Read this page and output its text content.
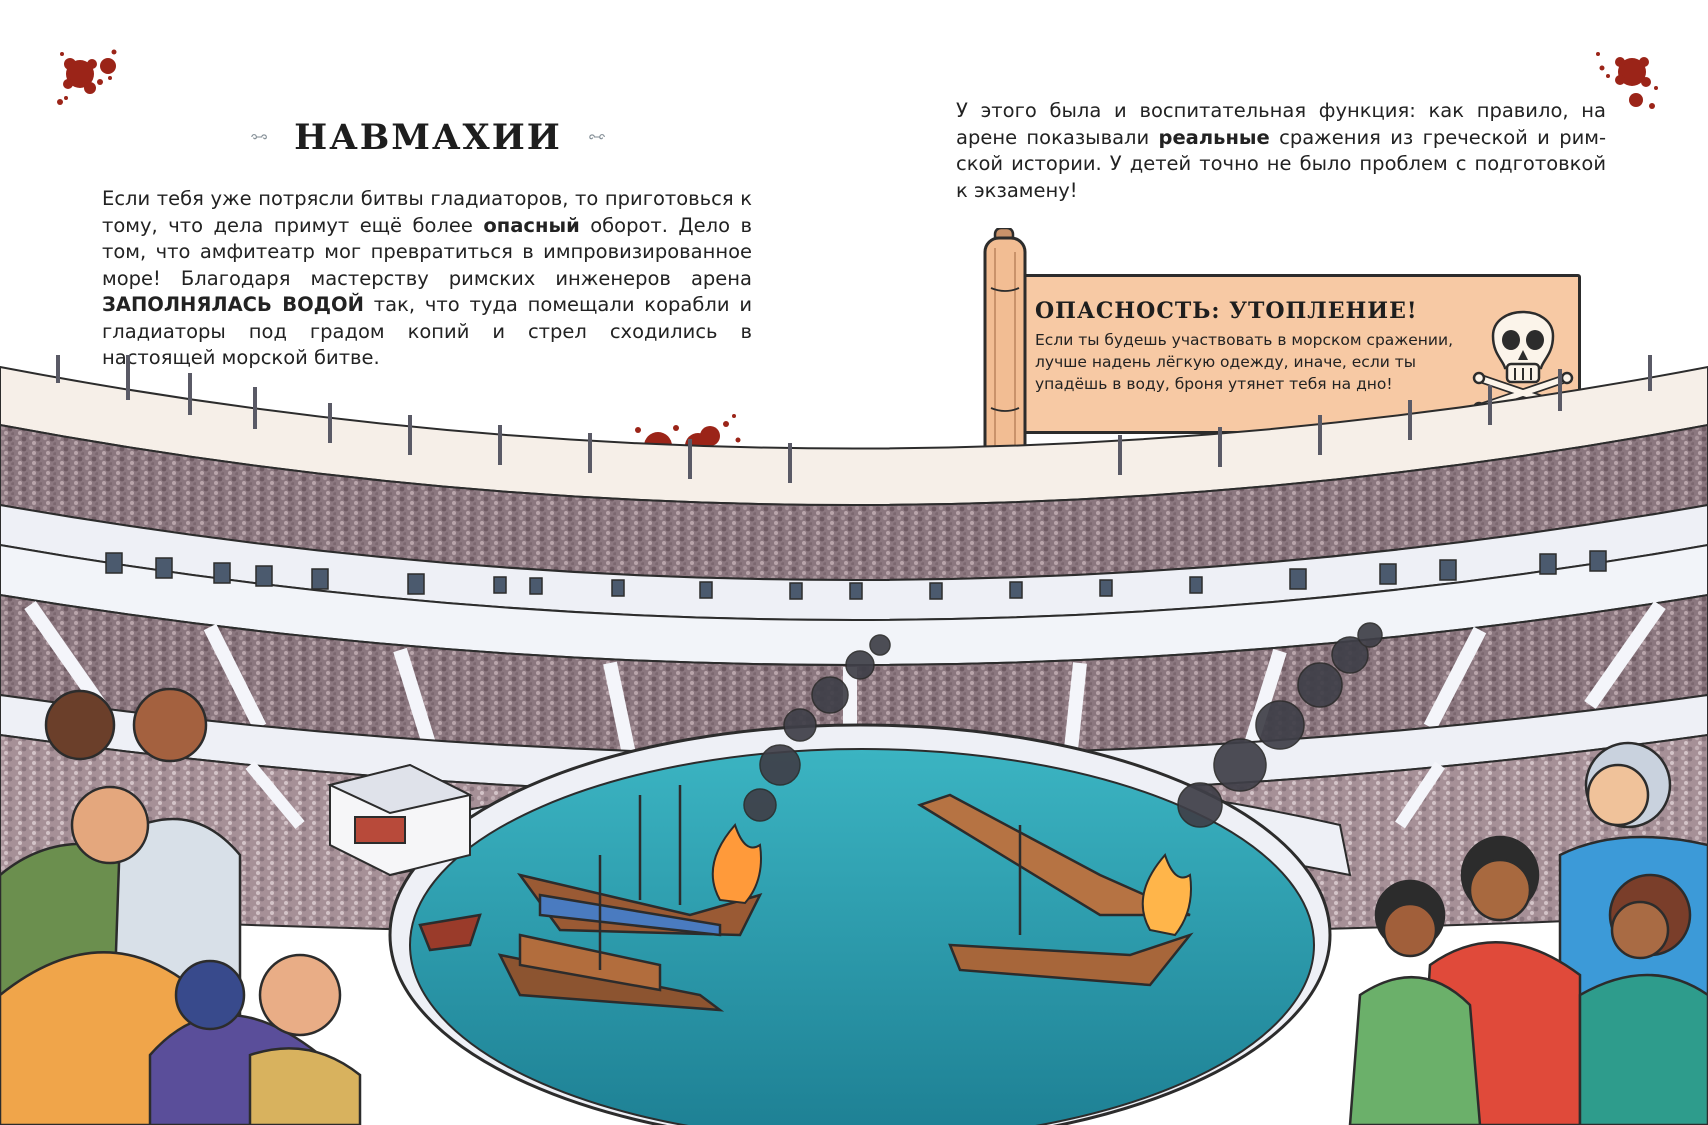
НАВМАХИИ

Если тебя уже потрясли битвы гладиаторов, то приготовься к тому, что дела примут ещё более опасный оборот. Дело в том, что амфитеатр мог превратиться в импровизированное море! Благодаря мастерству римских инженеров арена ЗАПОЛНЯЛАСЬ ВОДОЙ так, что туда помещали корабли и гладиаторы под градом копий и стрел сходились в настоящей морской битве.

У этого была и воспитательная функция: как правило, на арене показывали реальные сражения из греческой и римской истории. У детей точно не было проблем с подготовкой к экзамену!

ОПАСНОСТЬ: УТОПЛЕНИЕ!

Если ты будешь участвовать в морском сражении, лучше надень лёгкую одежду, иначе, если ты упадёшь в воду, броня утянет тебя на дно!
